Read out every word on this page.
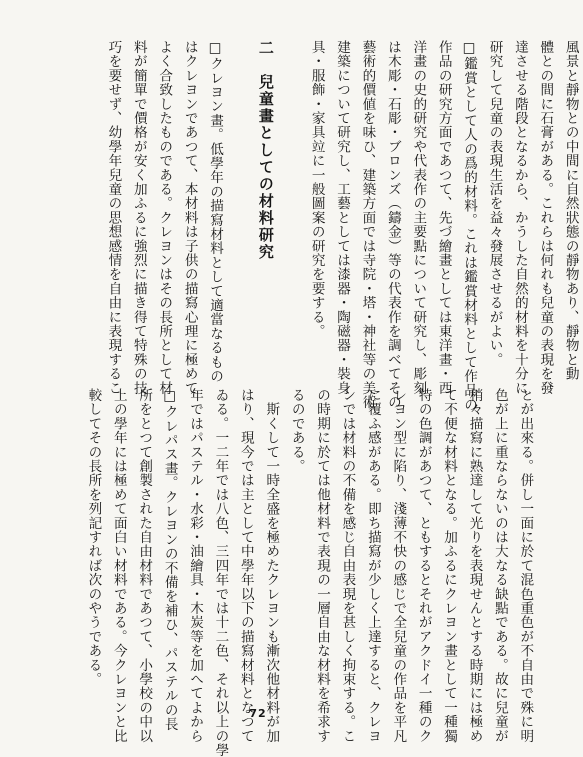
風景と靜物との中間に自然狀態の靜物あり、靜物と動
體との間に石膏がある。これらは何れも兒童の表現を發
達させる階段となるから、かうした自然的材料を十分に
研究して兒童の表現生活を益々發展させるがよい。
□鑑賞として人の爲的材料。これは鑑賞材料として作品の
作品の研究方面であつて、先づ繪畫としては東洋畫・西
洋畫の史的研究や代表作の主要點について研究し、彫刻
は木彫・石彫・ブロンズ（鑄金）等の代表作を調べてその
藝術的價値を味ひ、建築方面では寺院・塔・神社等の美術
建築について研究し、工藝としては漆器・陶磁器・裝身
具・服飾・家具竝に一般圖案の研究を要する。

二　兒童畫としての材料研究

□クレヨン畫。低學年の描寫材料として適當なるもの
はクレヨンであつて、本材料は子供の描寫心理に極めて
よく合致したものである。クレヨンはその長所として材
料が簡單で價格が安く加ふるに強烈に描き得て特殊の技
巧を要せず、幼學年兒童の思想感情を自由に表現するこ
とが出來る。併し一面に於て混色重色が不自由で殊に明
色が上に重ならないのは大なる缺點である。故に兒童が
稍々描寫に熟達して光りを表現せんとする時期には極め
て不便な材料となる。加ふるにクレヨン畫として一種獨
特の色調があつて、ともするとそれがアクドイ一種のク
レヨン型に陷り、淺薄不快の感じで全兒童の作品を平凡
に覆ふ感がある。即ち描寫が少しく上達すると、クレヨ
ンでは材料の不備を感じ自由表現を甚しく拘束する。こ
の時期に於ては他材料で表現の一層自由な材料を希求す
るのである。
　斯くして一時全盛を極めたクレヨンも漸次他材料が加
はり、現今では主として中學年以下の描寫材料となつて
ゐる。一二年では八色、三四年では十二色、それ以上の學
年ではパステル・水彩・油繪具・木炭等を加へてよから
□クレパス畫。クレヨンの不備を補ひ、パステルの長
所をとつて創製された自由材料であつて、小學校の中以
上の學年には極めて面白い材料である。今クレヨンと比
較してその長所を列記すれば次のやうである。
72
